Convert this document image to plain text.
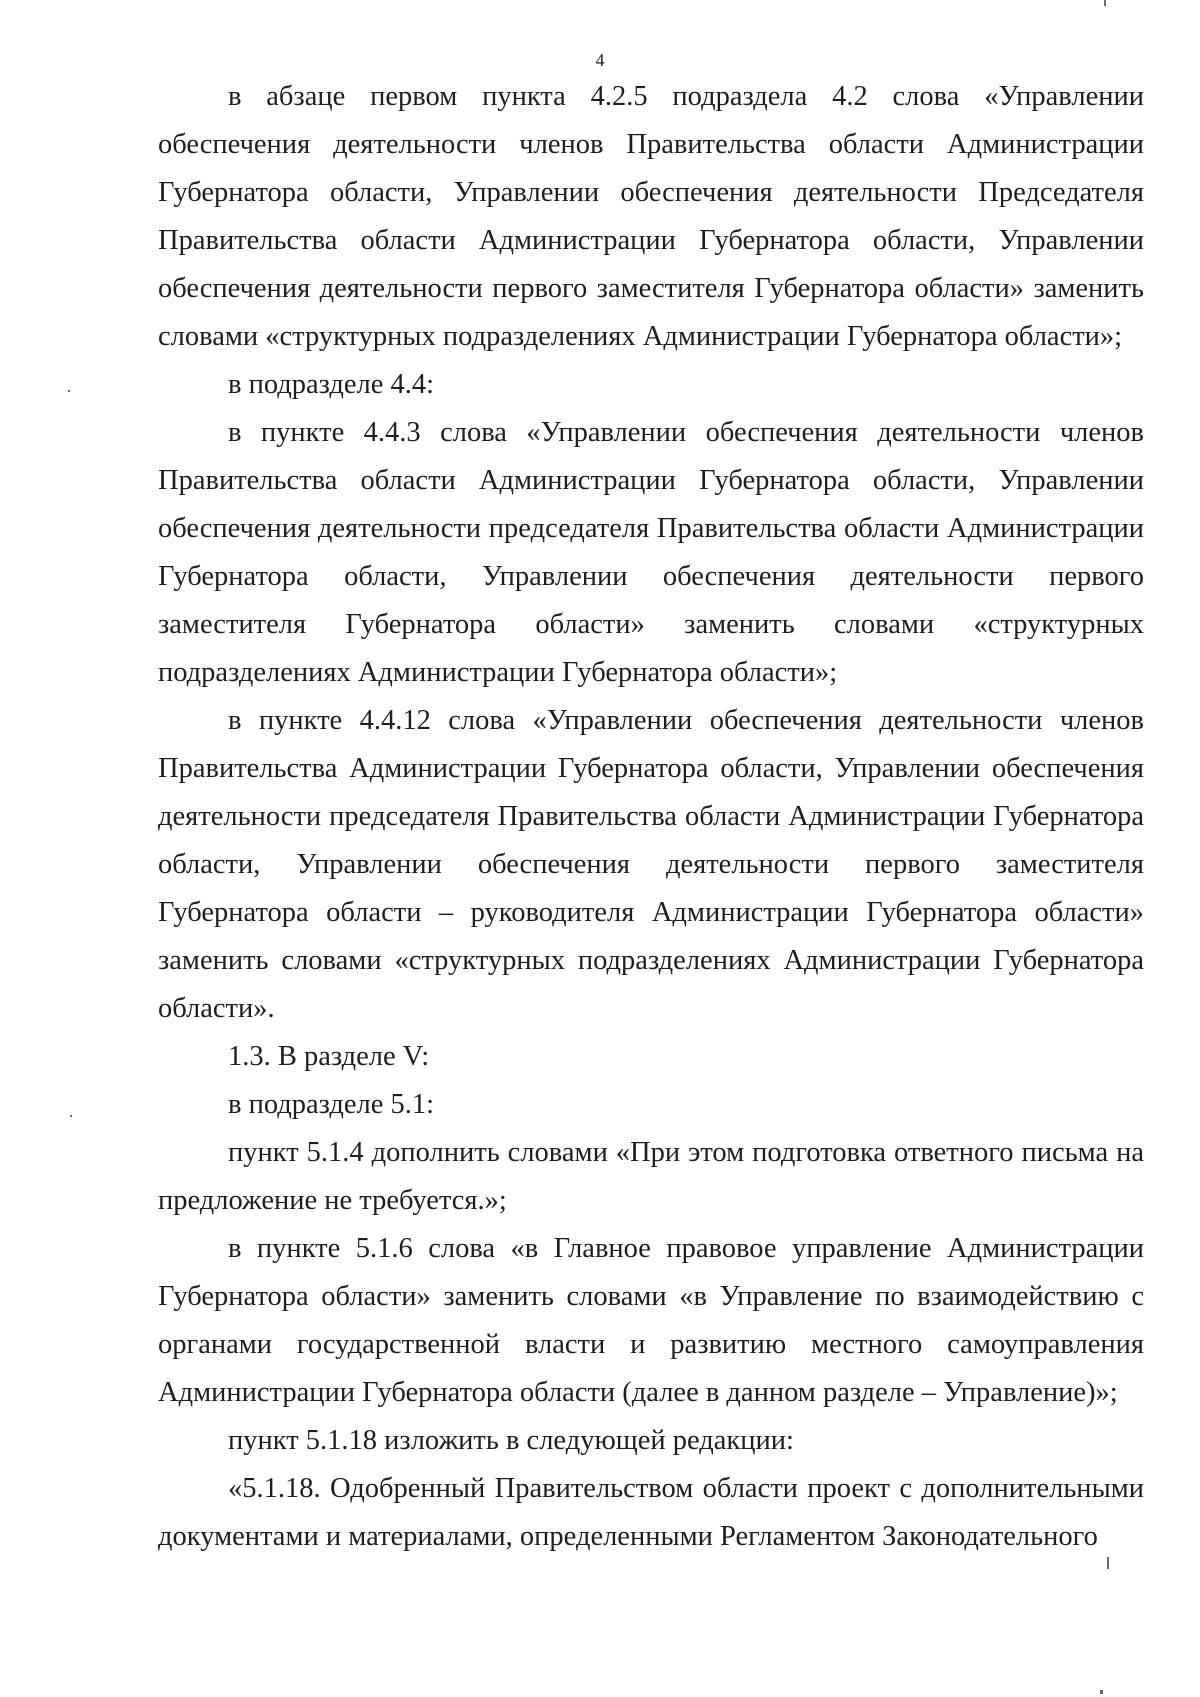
4

в абзаце первом пункта 4.2.5 подраздела 4.2 слова «Управлении обеспечения деятельности членов Правительства области Администрации Губернатора области, Управлении обеспечения деятельности Председателя Правительства области Администрации Губернатора области, Управлении обеспечения деятельности первого заместителя Губернатора области» заменить словами «структурных подразделениях Администрации Губернатора области»;

в подразделе 4.4:

в пункте 4.4.3 слова «Управлении обеспечения деятельности членов Правительства области Администрации Губернатора области, Управлении обеспечения деятельности председателя Правительства области Администрации Губернатора области, Управлении обеспечения деятельности первого заместителя Губернатора области» заменить словами «структурных подразделениях Администрации Губернатора области»;

в пункте 4.4.12 слова «Управлении обеспечения деятельности членов Правительства Администрации Губернатора области, Управлении обеспечения деятельности председателя Правительства области Администрации Губернатора области, Управлении обеспечения деятельности первого заместителя Губернатора области – руководителя Администрации Губернатора области» заменить словами «структурных подразделениях Администрации Губернатора области».

1.3. В разделе V:

в подразделе 5.1:

пункт 5.1.4 дополнить словами «При этом подготовка ответного письма на предложение не требуется.»;

в пункте 5.1.6 слова «в Главное правовое управление Администрации Губернатора области» заменить словами «в Управление по взаимодействию с органами государственной власти и развитию местного самоуправления Администрации Губернатора области (далее в данном разделе – Управление)»;

пункт 5.1.18 изложить в следующей редакции:

«5.1.18. Одобренный Правительством области проект с дополнительными документами и материалами, определенными Регламентом Законодательного
